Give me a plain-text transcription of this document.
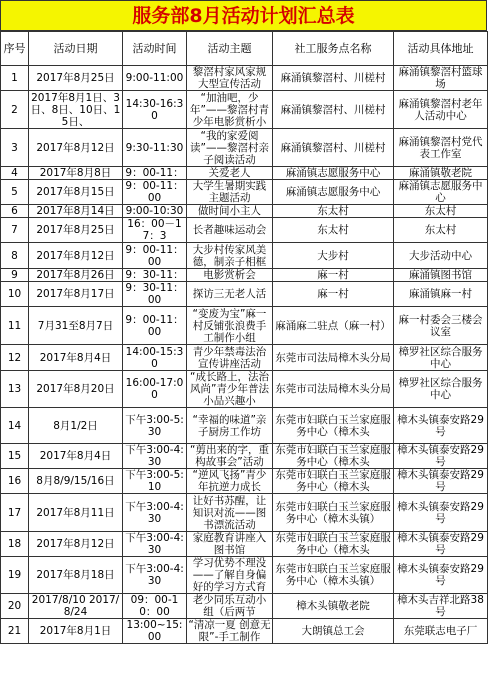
服务部8月活动计划汇总表
序号	活动日期	活动时间	活动主题	社工服务点名称	活动具体地址
1	2017年8月25日	9:00-11:00	黎滘村家风家规大型宣传活动	麻涌镇黎滘村、川槎村	麻涌镇黎滘村篮球场
2	2017年8月1日、3日、8日、10日、15日、	14:30-16:30	“加油吧，少年”——黎滘村青少年电影赏析小	麻涌镇黎滘村、川槎村	麻涌镇黎滘村老年人活动中心
3	2017年8月12日	9:30-11:30	“我的家爱阅读”——黎滘村亲子阅读活动	麻涌镇黎滘村、川槎村	麻涌镇黎滘村党代表工作室
4	2017年8月8日	9：00-11：	关爱老人	麻涌镇志愿服务中心	麻涌镇敬老院
5	2017年8月15日	9：00-11：00	大学生暑期实践主题活动	麻涌镇志愿服务中心	麻涌镇志愿服务中心
6	2017年8月14日	9:00-10:30	做时间小主人	东太村	东太村
7	2017年8月25日	16：00－17：3	长者趣味运动会	东太村	东太村
8	2017年8月12日	9：00-11：00	大步村传家风美德，制亲子相框	大步村	大步活动中心
9	2017年8月26日	9：30-11：	电影赏析会	麻一村	麻涌镇图书馆
10	2017年8月17日	9：30-11：00	探访三无老人活	麻一村	麻涌镇麻一村
11	7月31至8月7日	9：00-11：00	“变废为宝”麻一村反铺张浪费手工制作小组	麻涌麻二驻点（麻一村）	麻一村委会三楼会议室
12	2017年8月4日	14:00-15:30	青少年禁毒法治宣传讲座活动	东莞市司法局樟木头分局	樟罗社区综合服务中心
13	2017年8月20日	16:00-17:00	“成长路上，法治风尚”青少年普法小品兴趣小	东莞市司法局樟木头分局	樟罗社区综合服务中心
14	8月1/2日	下午3:00-5:30	“幸福的味道”亲子厨房工作坊	东莞市妇联白玉兰家庭服务中心（樟木头	樟木头镇泰安路29号
15	2017年8月4日	下午3:00-4:30	“剪出来的字，重构故事会”活动	东莞市妇联白玉兰家庭服务中心（樟木头	樟木头镇泰安路29号
16	8月8/9/15/16日	下午3:00-5:10	“逆风飞扬”青少年抗逆力成长	东莞市妇联白玉兰家庭服务中心（樟木头	樟木头镇泰安路29号
17	2017年8月11日	下午3:00-4:30	让好书苏醒，让知识对流——图书漂流活动	东莞市妇联白玉兰家庭服务中心（樟木头镇）	樟木头镇泰安路29号
18	2017年8月12日	下午3:00-4:30	家庭教育讲座入图书馆	东莞市妇联白玉兰家庭服务中心（樟木头	樟木头镇泰安路29号
19	2017年8月18日	下午3:00-4:30	学习优势不理没——了解自身偏好的学习方式育	东莞市妇联白玉兰家庭服务中心（樟木头镇）	樟木头镇泰安路29号
20	2017/8/10 2017/8/24	09：00-10：00	老少同乐互动小组（后两节	樟木头镇敬老院	樟木头吉祥北路38号
21	2017年8月1日	13:00~15:00	“清凉一夏 创意无限”-手工制作	大朗镇总工会	东莞联志电子厂
